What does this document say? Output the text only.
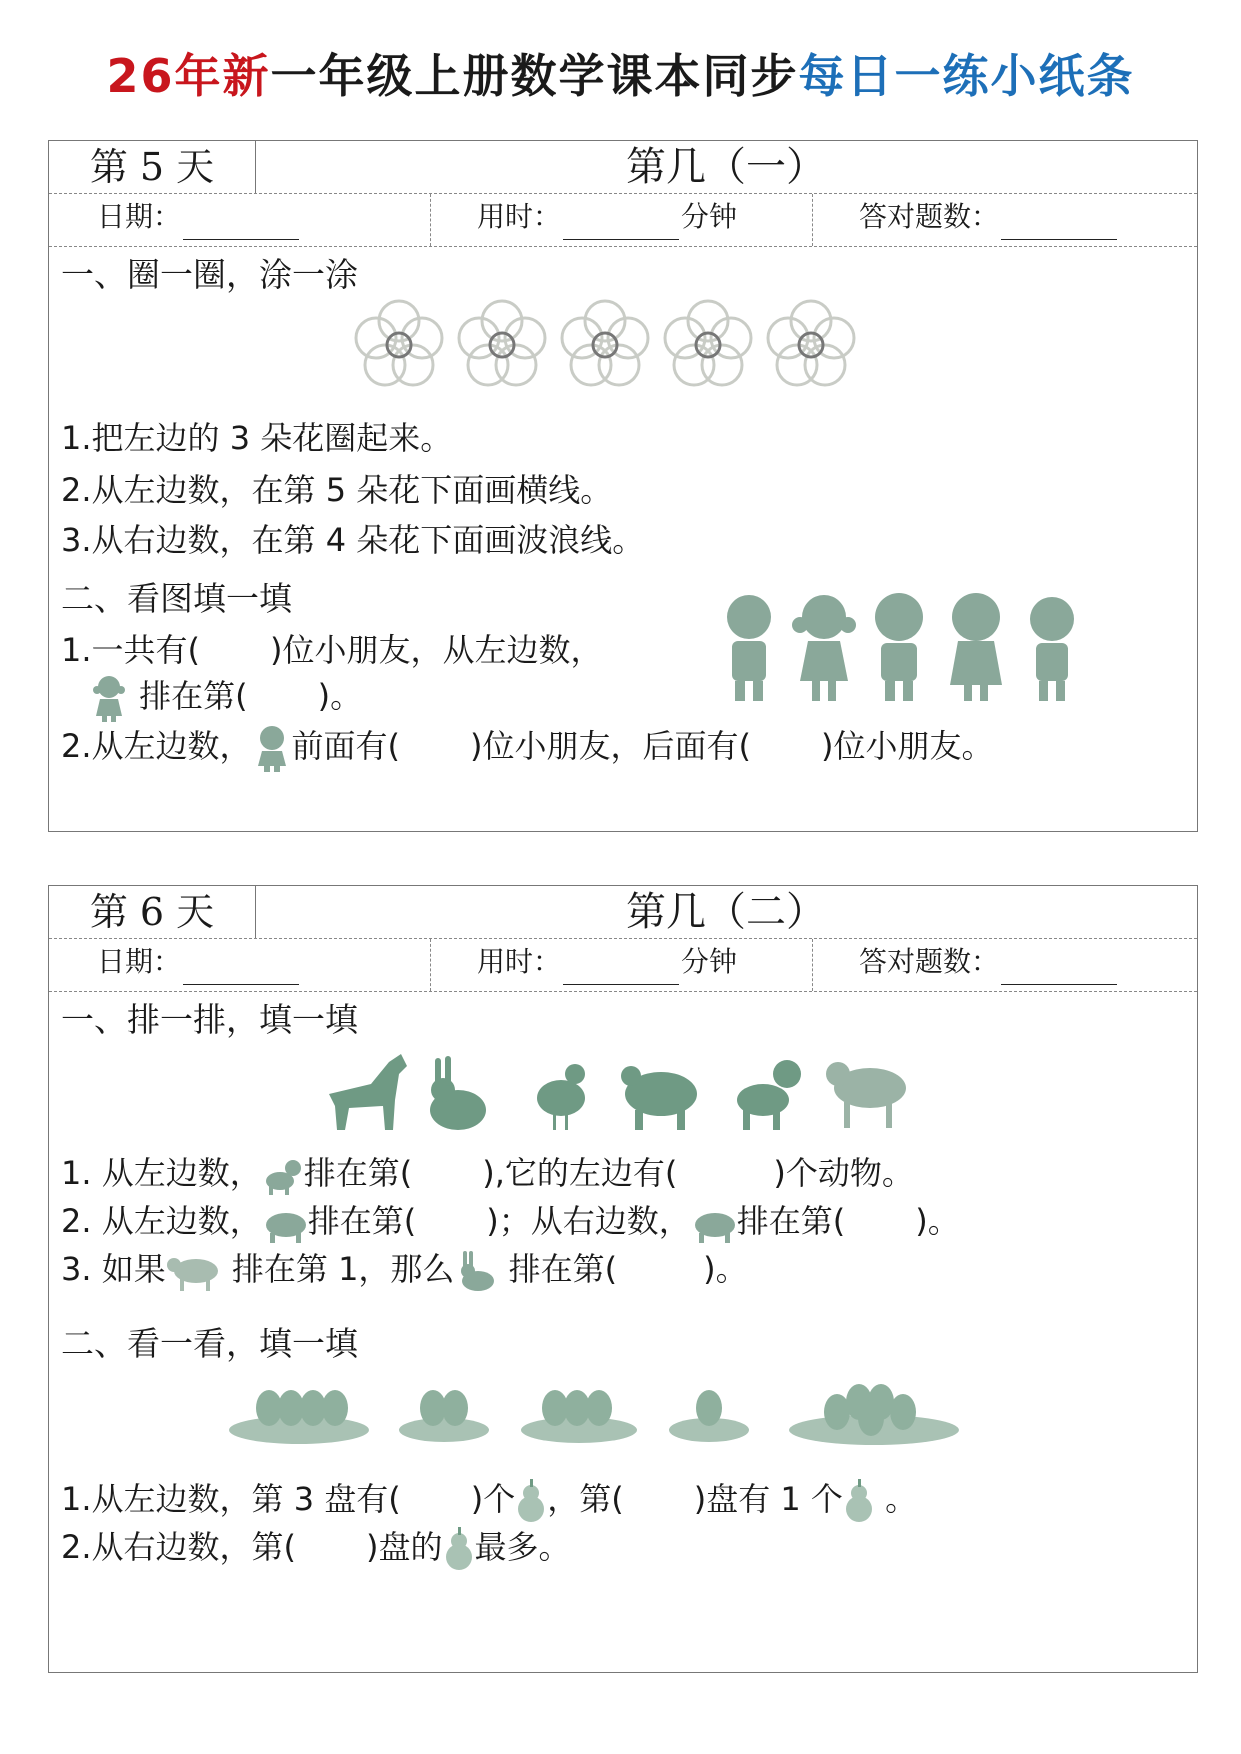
26年新一年级上册数学课本同步每日一练小纸条
第 5 天	第几（一）
日期：	用时：	分钟	答对题数：
一、圈一圈，涂一涂
1.把左边的 3 朵花圈起来。
2.从左边数，在第 5 朵花下面画横线。
3.从右边数，在第 4 朵花下面画波浪线。
二、看图填一填
1.一共有( )位小朋友，从左边数，
排在第( )。
2.从左边数， 前面有( )位小朋友，后面有( )位小朋友。
第 6 天	第几（二）
日期：	用时：	分钟	答对题数：
一、排一排，填一填
1. 从左边数， 排在第( ),它的左边有(	)个动物。
2. 从左边数， 排在第( )；从右边数， 排在第( )。
3. 如果 排在第 1，那么 排在第(	)。
二、看一看，填一填
1.从左边数，第 3 盘有( )个 ，第( )盘有 1 个 。
2.从右边数，第( )盘的 最多。
